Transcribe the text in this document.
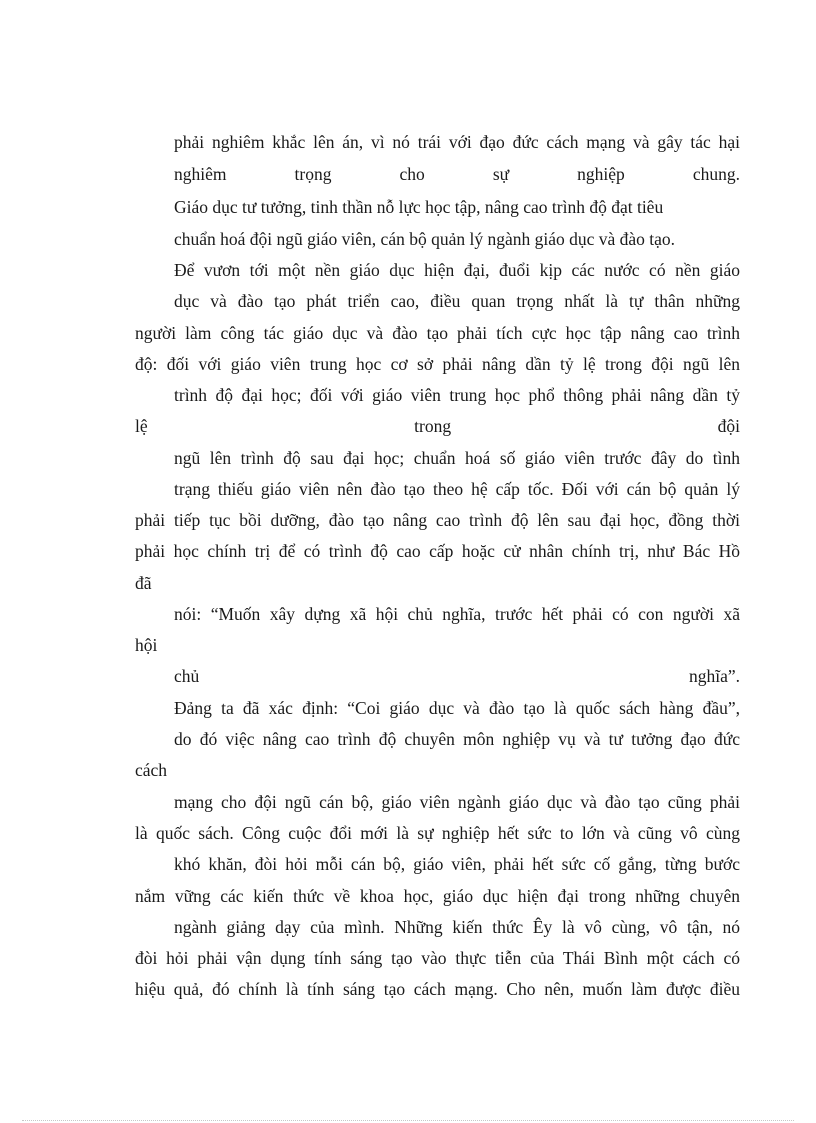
phải nghiêm khắc lên án, vì nó trái với đạo đức cách mạng và gây tác hại
nghiêm trọng cho sự nghiệp chung.
Giáo dục tư tưởng, tinh thần nỗ lực học tập, nâng cao trình độ đạt tiêu
chuẩn hoá đội ngũ giáo viên, cán bộ quản lý ngành giáo dục và đào tạo.
Để vươn tới một nền giáo dục hiện đại, đuổi kịp các nước có nền giáo
dục và đào tạo phát triển cao, điều quan trọng nhất là tự thân những
người làm công tác giáo dục và đào tạo phải tích cực học tập nâng cao trình
độ: đối với giáo viên trung học cơ sở phải nâng dần tỷ lệ trong đội ngũ lên
trình độ đại học; đối với giáo viên trung học phổ thông phải nâng dần tỷ
lệ trong đội
ngũ lên trình độ sau đại học; chuẩn hoá số giáo viên trước đây do tình
trạng thiếu giáo viên nên đào tạo theo hệ cấp tốc. Đối với cán bộ quản lý
phải tiếp tục bồi dưỡng, đào tạo nâng cao trình độ lên sau đại học, đồng thời
phải học chính trị để có trình độ cao cấp hoặc cử nhân chính trị, như Bác Hồ
đã
nói: “Muốn xây dựng xã hội chủ nghĩa, trước hết phải có con người xã
hội
chủ nghĩa”.
Đảng ta đã xác định: “Coi giáo dục và đào tạo là quốc sách hàng đầu”,
do đó việc nâng cao trình độ chuyên môn nghiệp vụ và tư tưởng đạo đức
cách
mạng cho đội ngũ cán bộ, giáo viên ngành giáo dục và đào tạo cũng phải
là quốc sách. Công cuộc đổi mới là sự nghiệp hết sức to lớn và cũng vô cùng
khó khăn, đòi hỏi mỗi cán bộ, giáo viên, phải hết sức cố gắng, từng bước
nắm vững các kiến thức về khoa học, giáo dục hiện đại trong những chuyên
ngành giảng dạy của mình. Những kiến thức Êy là vô cùng, vô tận, nó
đòi hỏi phải vận dụng tính sáng tạo vào thực tiễn của Thái Bình một cách có
hiệu quả, đó chính là tính sáng tạo cách mạng. Cho nên, muốn làm được điều
